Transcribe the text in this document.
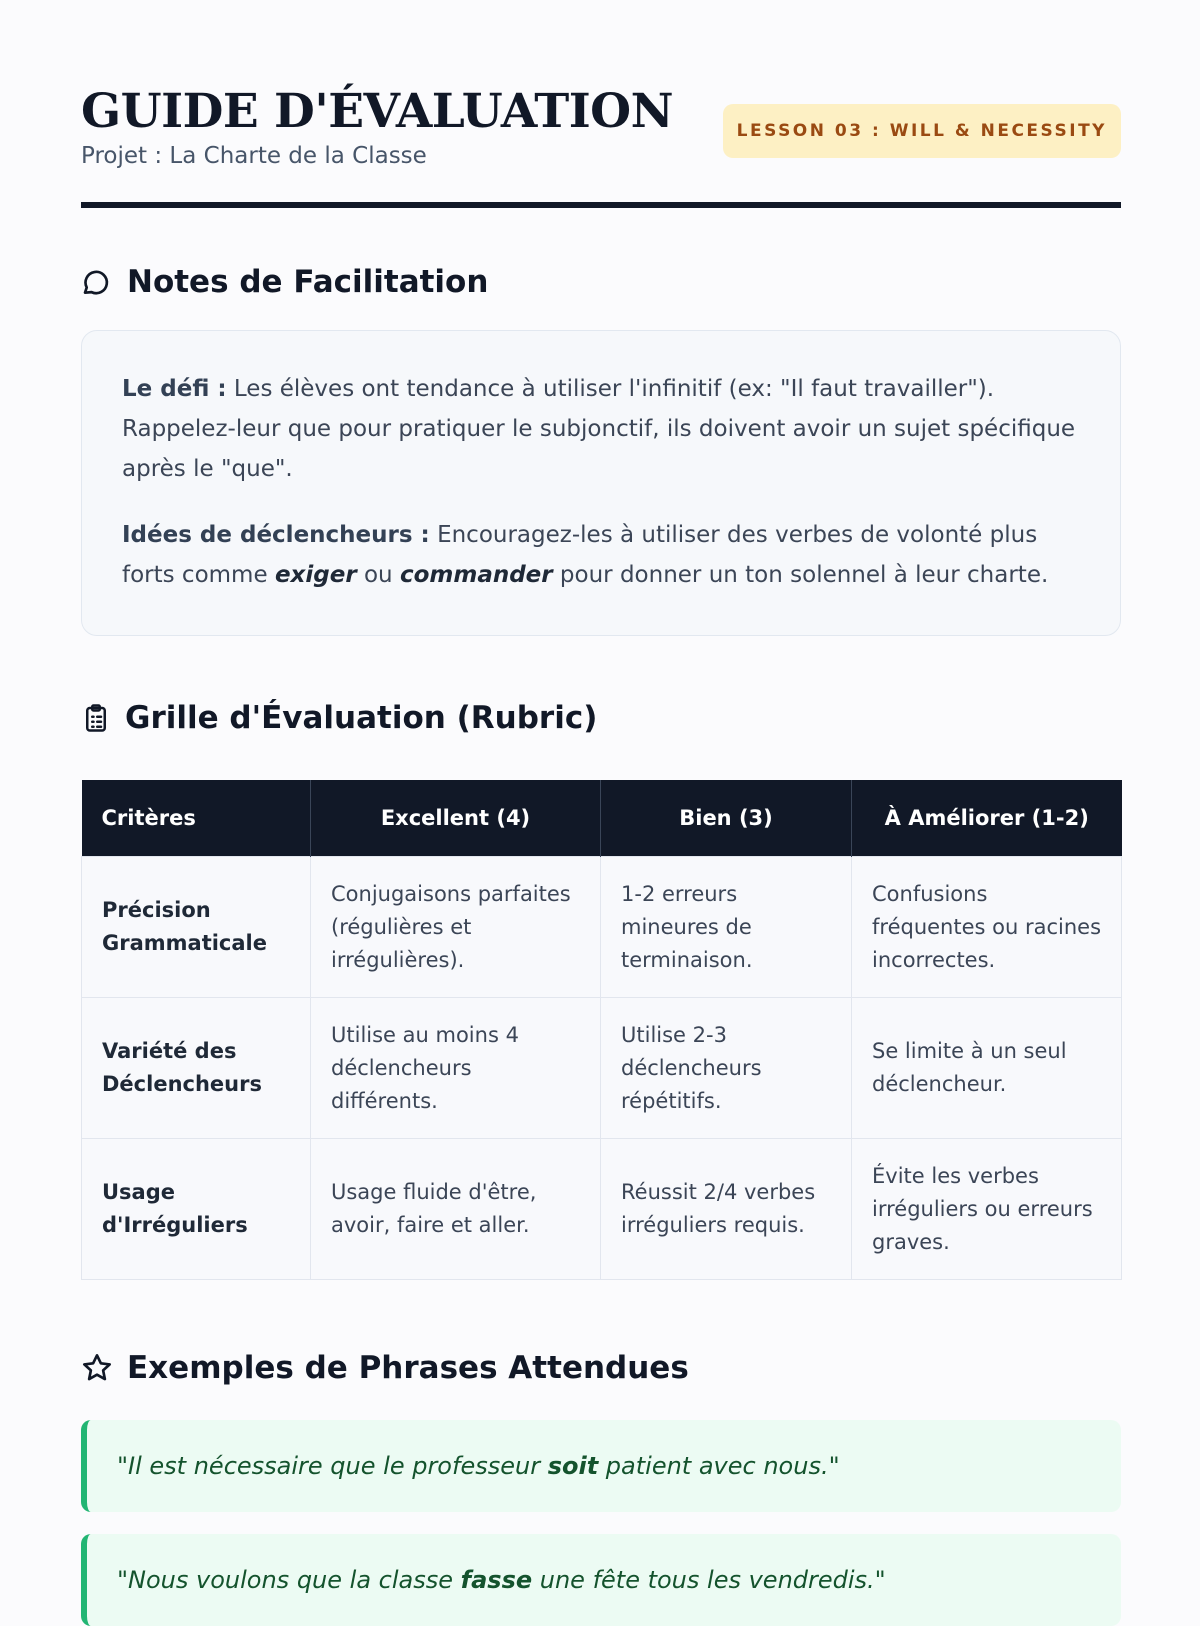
GUIDE D'ÉVALUATION
Projet : La Charte de la Classe
LESSON 03 : WILL & NECESSITY
Notes de Facilitation

Le défi : Les élèves ont tendance à utiliser l'infinitif (ex: "Il faut travailler"). Rappelez-leur que pour pratiquer le subjonctif, ils doivent avoir un sujet spécifique après le "que".

Idées de déclencheurs : Encouragez-les à utiliser des verbes de volonté plus forts comme exiger ou commander pour donner un ton solennel à leur charte.

Grille d'Évaluation (Rubric)
Critères	Excellent (4)	Bien (3)	À Améliorer (1-2)
Précision Grammaticale	Conjugaisons parfaites (régulières et irrégulières).	1-2 erreurs mineures de terminaison.	Confusions fréquentes ou racines incorrectes.
Variété des Déclencheurs	Utilise au moins 4 déclencheurs différents.	Utilise 2-3 déclencheurs répétitifs.	Se limite à un seul déclencheur.
Usage d'Irréguliers	Usage fluide d'être, avoir, faire et aller.	Réussit 2/4 verbes irréguliers requis.	Évite les verbes irréguliers ou erreurs graves.
Exemples de Phrases Attendues
"Il est nécessaire que le professeur soit patient avec nous."
"Nous voulons que la classe fasse une fête tous les vendredis."
